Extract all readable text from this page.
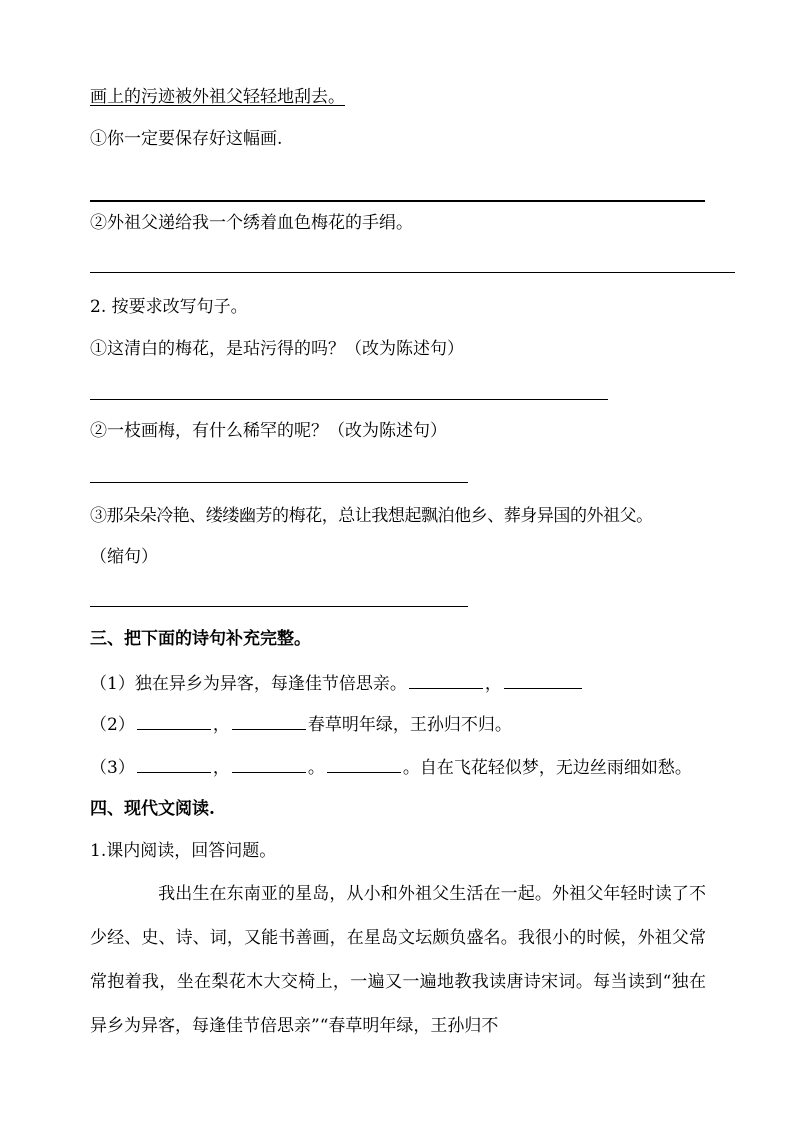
画上的污迹被外祖父轻轻地刮去。
①你一定要保存好这幅画.
②外祖父递给我一个绣着血色梅花的手绢。
2. 按要求改写句子。
①这清白的梅花，是玷污得的吗？（改为陈述句）
②一枝画梅，有什么稀罕的呢？（改为陈述句）
③那朵朵冷艳、缕缕幽芳的梅花，总让我想起飘泊他乡、葬身异国的外祖父。
（缩句）
三、把下面的诗句补充完整。
（1）独在异乡为异客，每逢佳节倍思亲。	，
（2）	，	春草明年绿，王孙归不归。
（3）	，	。	。自在飞花轻似梦，无边丝雨细如愁。
四、现代文阅读.
1.课内阅读，回答问题。
我出生在东南亚的星岛，从小和外祖父生活在一起。外祖父年轻时读了不少经、史、诗、词，又能书善画，在星岛文坛颇负盛名。我很小的时候，外祖父常常抱着我，坐在梨花木大交椅上，一遍又一遍地教我读唐诗宋词。每当读到“独在异乡为异客，每逢佳节倍思亲”“春草明年绿，王孙归不
